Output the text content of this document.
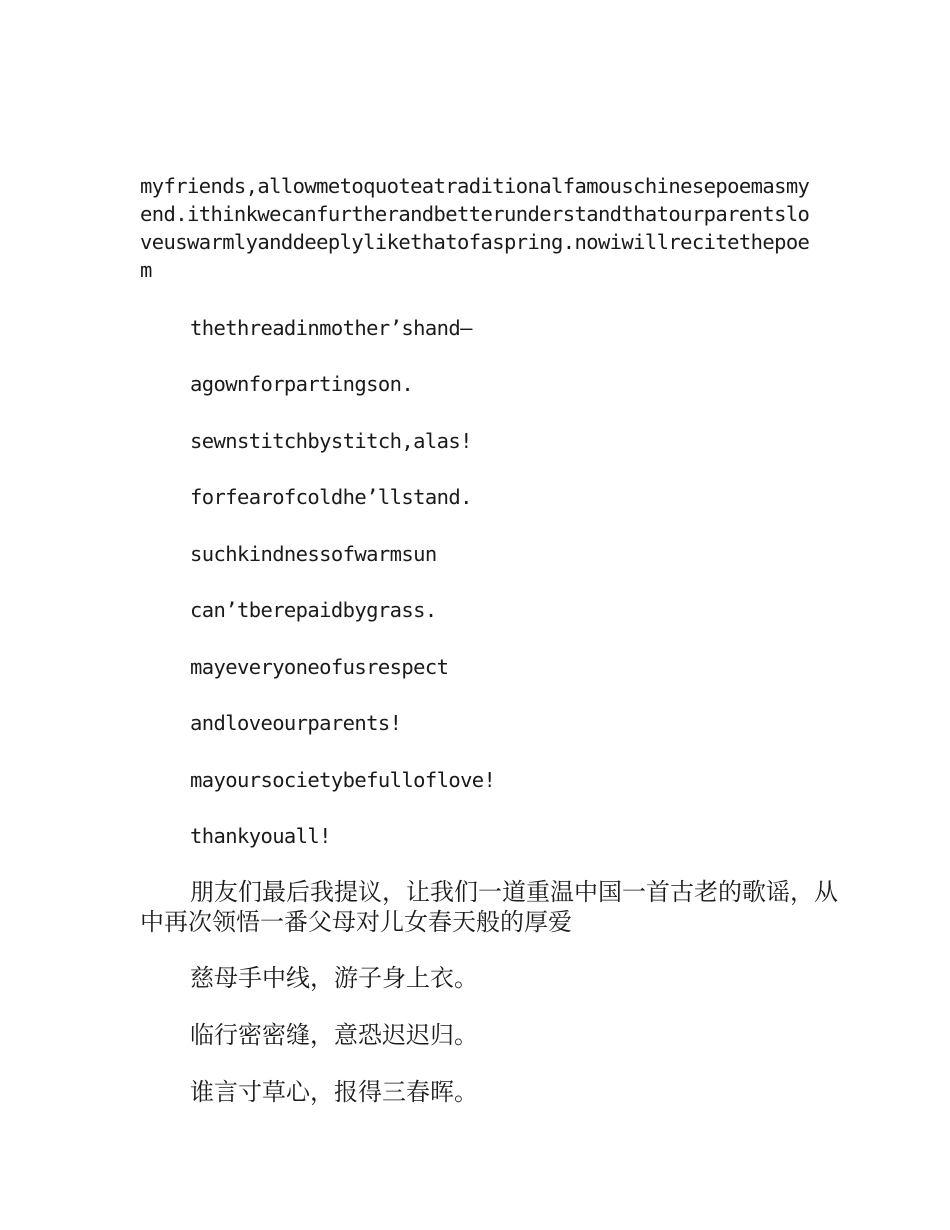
myfriends,allowmetoquoteatraditionalfamouschinesepoemasmyend.ithinkwecanfurtherandbetterunderstandthatourparentsloveuswarmlyanddeeplylikethatofaspring.nowiwillrecitethepoem

thethreadinmother’shand—

agownforpartingson.

sewnstitchbystitch,alas!

forfearofcoldhe’llstand.

suchkindnessofwarmsun

can’tberepaidbygrass.

mayeveryoneofusrespect

andloveourparents!

mayoursocietybefulloflove!

thankyouall!

朋友们最后我提议，让我们一道重温中国一首古老的歌谣，从中再次领悟一番父母对儿女春天般的厚爱

慈母手中线，游子身上衣。

临行密密缝，意恐迟迟归。

谁言寸草心，报得三春晖。
